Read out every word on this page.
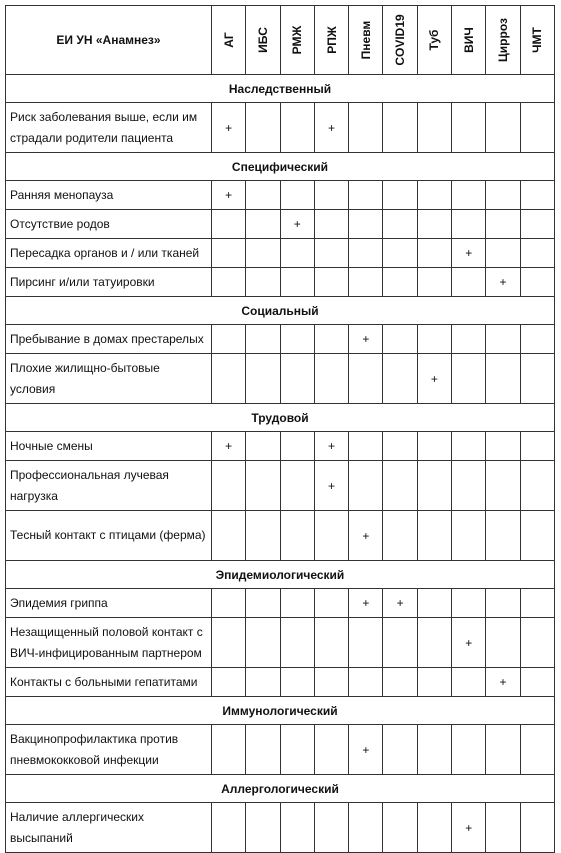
ЕИ УН «Анамнез»	АГ	ИБС	РМЖ	РПЖ	Пневм	COVID19	Туб	ВИЧ	Цирроз	ЧМТ

Наследственный										
Риск заболевания выше, если им страдали родители пациента	+			+						
Специфический										
Ранняя менопауза	+									
Отсутствие родов			+							
Пересадка органов и / или тканей								+		
Пирсинг и/или татуировки									+	
Социальный										
Пребывание в домах престарелых					+					
Плохие жилищно-бытовые условия							+			
Трудовой										
Ночные смены	+			+						
Профессиональная лучевая нагрузка				+						
Тесный контакт с птицами (ферма)					+					
Эпидемиологический										
Эпидемия гриппа					+	+				
Незащищенный половой контакт с ВИЧ-инфицированным партнером								+		
Контакты с больными гепатитами									+	
Иммунологический										
Вакцинопрофилактика против пневмококковой инфекции					+					
Аллергологический										
Наличие аллергических высыпаний								+		
